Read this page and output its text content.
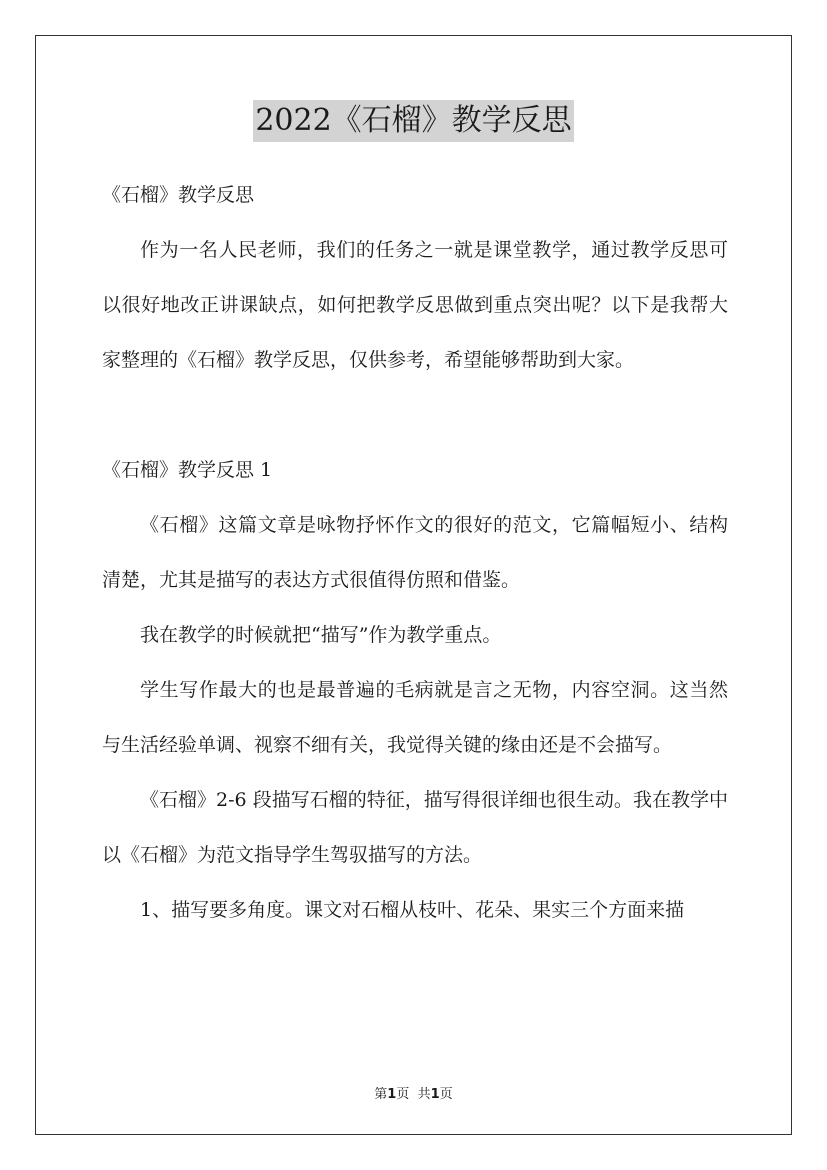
2022《石榴》教学反思

《石榴》教学反思

作为一名人民老师，我们的任务之一就是课堂教学，通过教学反思可以很好地改正讲课缺点，如何把教学反思做到重点突出呢？以下是我帮大家整理的《石榴》教学反思，仅供参考，希望能够帮助到大家。

《石榴》教学反思 1

《石榴》这篇文章是咏物抒怀作文的很好的范文，它篇幅短小、结构清楚，尤其是描写的表达方式很值得仿照和借鉴。

我在教学的时候就把“描写”作为教学重点。

学生写作最大的也是最普遍的毛病就是言之无物，内容空洞。这当然与生活经验单调、视察不细有关，我觉得关键的缘由还是不会描写。

《石榴》2-6 段描写石榴的特征，描写得很详细也很生动。我在教学中以《石榴》为范文指导学生驾驭描写的方法。

1、描写要多角度。课文对石榴从枝叶、花朵、果实三个方面来描

第1页 共1页
